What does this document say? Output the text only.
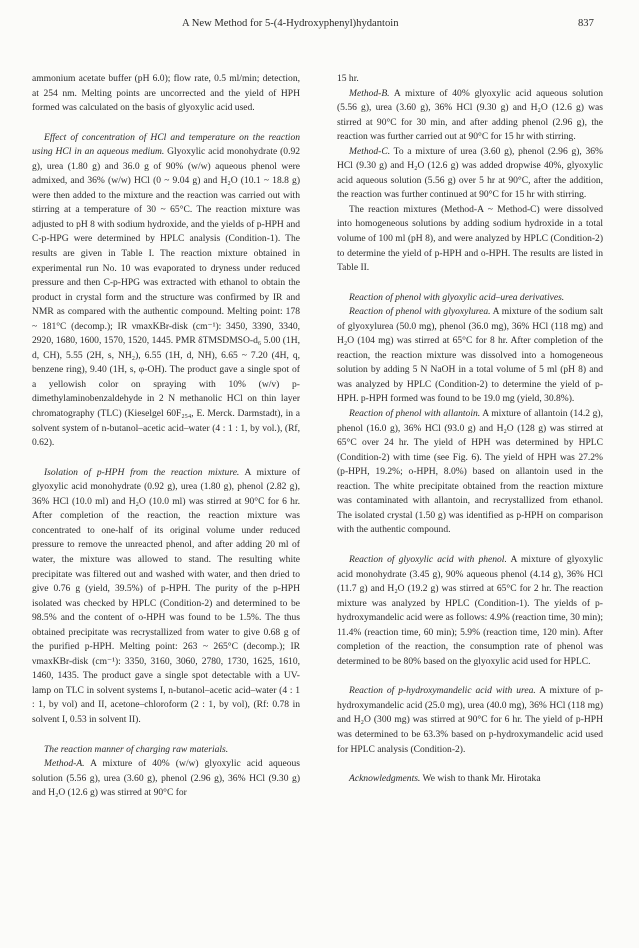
A New Method for 5-(4-Hydroxyphenyl)hydantoin	837

ammonium acetate buffer (pH 6.0); flow rate, 0.5 ml/min; detection, at 254 nm. Melting points are uncorrected and the yield of HPH formed was calculated on the basis of glyoxylic acid used.

Effect of concentration of HCl and temperature on the reaction using HCl in an aqueous medium. Glyoxylic acid monohydrate (0.92 g), urea (1.80 g) and 36.0 g of 90% (w/w) aqueous phenol were admixed, and 36% (w/w) HCl (0 ~ 9.04 g) and H₂O (10.1 ~ 18.8 g) were then added to the mixture and the reaction was carried out with stirring at a temperature of 30 ~ 65°C. The reaction mixture was adjusted to pH 8 with sodium hydroxide, and the yields of p-HPH and C-p-HPG were determined by HPLC analysis (Condition-1). The results are given in Table I. The reaction mixture obtained in experimental run No. 10 was evaporated to dryness under reduced pressure and then C-p-HPG was extracted with ethanol to obtain the product in crystal form and the structure was confirmed by IR and NMR as compared with the authentic compound. Melting point: 178 ~ 181°C (decomp.); IR νmaxKBr-disk (cm⁻¹): 3450, 3390, 3340, 2920, 1680, 1600, 1570, 1520, 1445. PMR δTMSDMSO-d₆ 5.00 (1H, d, CH), 5.55 (2H, s, NH₂), 6.55 (1H, d, NH), 6.65 ~ 7.20 (4H, q, benzene ring), 9.40 (1H, s, φ-OH). The product gave a single spot of a yellowish color on spraying with 10% (w/v) p-dimethylaminobenzaldehyde in 2 N methanolic HCl on thin layer chromatography (TLC) (Kieselgel 60F₂₅₄, E. Merck. Darmstadt), in a solvent system of n-butanol–acetic acid–water (4 : 1 : 1, by vol.), (Rf, 0.62).

Isolation of p-HPH from the reaction mixture. A mixture of glyoxylic acid monohydrate (0.92 g), urea (1.80 g), phenol (2.82 g), 36% HCl (10.0 ml) and H₂O (10.0 ml) was stirred at 90°C for 6 hr. After completion of the reaction, the reaction mixture was concentrated to one-half of its original volume under reduced pressure to remove the unreacted phenol, and after adding 20 ml of water, the mixture was allowed to stand. The resulting white precipitate was filtered out and washed with water, and then dried to give 0.76 g (yield, 39.5%) of p-HPH. The purity of the p-HPH isolated was checked by HPLC (Condition-2) and determined to be 98.5% and the content of o-HPH was found to be 1.5%. The thus obtained precipitate was recrystallized from water to give 0.68 g of the purified p-HPH. Melting point: 263 ~ 265°C (decomp.); IR νmaxKBr-disk (cm⁻¹): 3350, 3160, 3060, 2780, 1730, 1625, 1610, 1460, 1435. The product gave a single spot detectable with a UV-lamp on TLC in solvent systems I, n-butanol–acetic acid–water (4 : 1 : 1, by vol) and II, acetone–chloroform (2 : 1, by vol), (Rf: 0.78 in solvent I, 0.53 in solvent II).

The reaction manner of charging raw materials.

Method-A. A mixture of 40% (w/w) glyoxylic acid aqueous solution (5.56 g), urea (3.60 g), phenol (2.96 g), 36% HCl (9.30 g) and H₂O (12.6 g) was stirred at 90°C for

15 hr.

Method-B. A mixture of 40% glyoxylic acid aqueous solution (5.56 g), urea (3.60 g), 36% HCl (9.30 g) and H₂O (12.6 g) was stirred at 90°C for 30 min, and after adding phenol (2.96 g), the reaction was further carried out at 90°C for 15 hr with stirring.

Method-C. To a mixture of urea (3.60 g), phenol (2.96 g), 36% HCl (9.30 g) and H₂O (12.6 g) was added dropwise 40%, glyoxylic acid aqueous solution (5.56 g) over 5 hr at 90°C, after the addition, the reaction was further continued at 90°C for 15 hr with stirring.

The reaction mixtures (Method-A ~ Method-C) were dissolved into homogeneous solutions by adding sodium hydroxide in a total volume of 100 ml (pH 8), and were analyzed by HPLC (Condition-2) to determine the yield of p-HPH and o-HPH. The results are listed in Table II.

Reaction of phenol with glyoxylic acid–urea derivatives.

Reaction of phenol with glyoxylurea. A mixture of the sodium salt of glyoxylurea (50.0 mg), phenol (36.0 mg), 36% HCl (118 mg) and H₂O (104 mg) was stirred at 65°C for 8 hr. After completion of the reaction, the reaction mixture was dissolved into a homogeneous solution by adding 5 N NaOH in a total volume of 5 ml (pH 8) and was analyzed by HPLC (Condition-2) to determine the yield of p-HPH. p-HPH formed was found to be 19.0 mg (yield, 30.8%).

Reaction of phenol with allantoin. A mixture of allantoin (14.2 g), phenol (16.0 g), 36% HCl (93.0 g) and H₂O (128 g) was stirred at 65°C over 24 hr. The yield of HPH was determined by HPLC (Condition-2) with time (see Fig. 6). The yield of HPH was 27.2% (p-HPH, 19.2%; o-HPH, 8.0%) based on allantoin used in the reaction. The white precipitate obtained from the reaction mixture was contaminated with allantoin, and recrystallized from ethanol. The isolated crystal (1.50 g) was identified as p-HPH on comparison with the authentic compound.

Reaction of glyoxylic acid with phenol. A mixture of glyoxylic acid monohydrate (3.45 g), 90% aqueous phenol (4.14 g), 36% HCl (11.7 g) and H₂O (19.2 g) was stirred at 65°C for 2 hr. The reaction mixture was analyzed by HPLC (Condition-1). The yields of p-hydroxymandelic acid were as follows: 4.9% (reaction time, 30 min); 11.4% (reaction time, 60 min); 5.9% (reaction time, 120 min). After completion of the reaction, the consumption rate of phenol was determined to be 80% based on the glyoxylic acid used for HPLC.

Reaction of p-hydroxymandelic acid with urea. A mixture of p-hydroxymandelic acid (25.0 mg), urea (40.0 mg), 36% HCl (118 mg) and H₂O (300 mg) was stirred at 90°C for 6 hr. The yield of p-HPH was determined to be 63.3% based on p-hydroxymandelic acid used for HPLC analysis (Condition-2).

Acknowledgments. We wish to thank Mr. Hirotaka
